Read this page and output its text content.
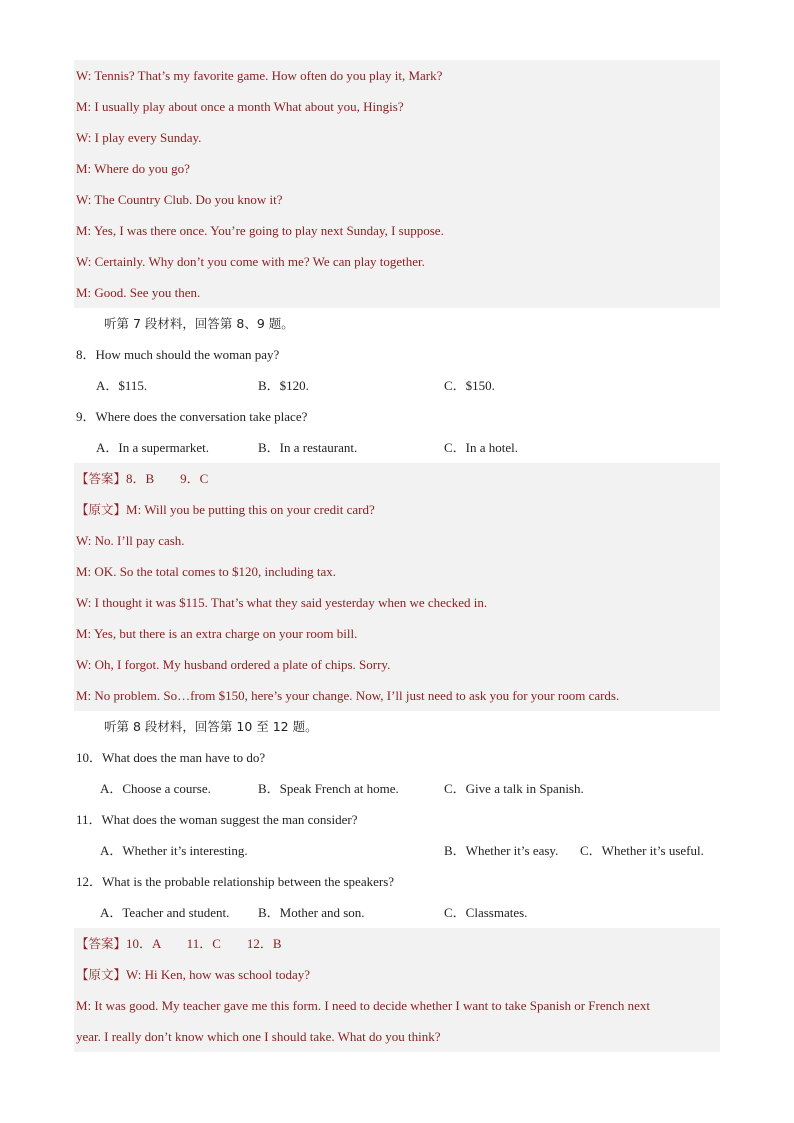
W: Tennis? That’s my favorite game. How often do you play it, Mark?
M: I usually play about once a month What about you, Hingis?
W: I play every Sunday.
M: Where do you go?
W: The Country Club. Do you know it?
M: Yes, I was there once. You’re going to play next Sunday, I suppose.
W: Certainly. Why don’t you come with me? We can play together.
M: Good. See you then.
听第 7 段材料，回答第 8、9 题。
8．How much should the woman pay?
A．$115.	B．$120.	C．$150.
9．Where does the conversation take place?
A．In a supermarket.	B．In a restaurant.	C．In a hotel.
【答案】8．B　　9．C
【原文】M: Will you be putting this on your credit card?
W: No. I’ll pay cash.
M: OK. So the total comes to $120, including tax.
W: I thought it was $115. That’s what they said yesterday when we checked in.
M: Yes, but there is an extra charge on your room bill.
W: Oh, I forgot. My husband ordered a plate of chips. Sorry.
M: No problem. So…from $150, here’s your change. Now, I’ll just need to ask you for your room cards.
听第 8 段材料，回答第 10 至 12 题。
10．What does the man have to do?
A．Choose a course.	B．Speak French at home.	C．Give a talk in Spanish.
11．What does the woman suggest the man consider?
A．Whether it’s interesting.	B．Whether it’s easy. C．Whether it’s useful.
12．What is the probable relationship between the speakers?
A．Teacher and student. B．Mother and son.	C．Classmates.
【答案】10．A　　11．C　　12．B
【原文】W: Hi Ken, how was school today?
M: It was good. My teacher gave me this form. I need to decide whether I want to take Spanish or French next
year. I really don’t know which one I should take. What do you think?
